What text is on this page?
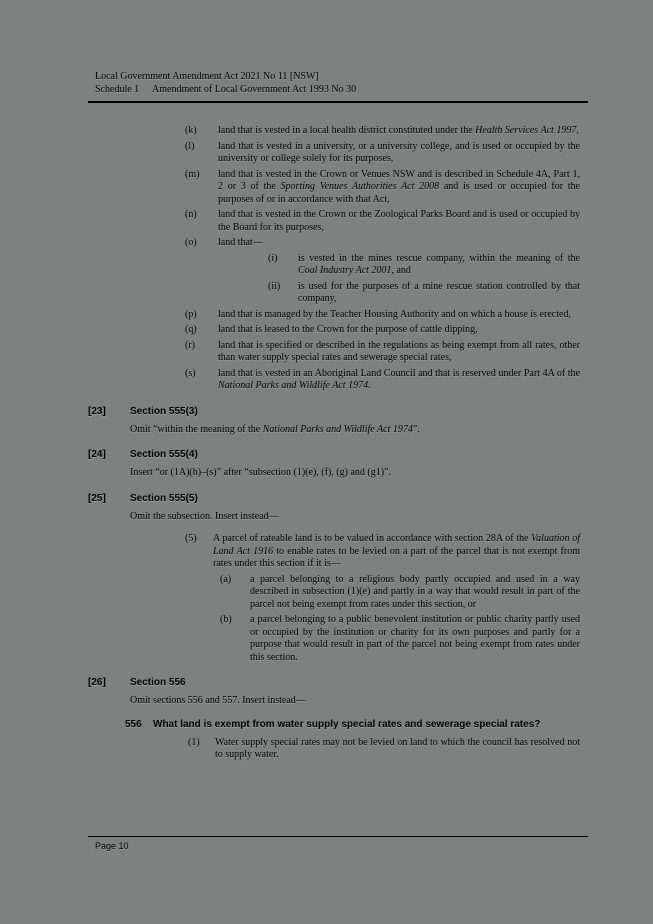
Local Government Amendment Act 2021 No 11 [NSW]
Schedule 1 Amendment of Local Government Act 1993 No 30
(k) land that is vested in a local health district constituted under the Health Services Act 1997,
(l) land that is vested in a university, or a university college, and is used or occupied by the university or college solely for its purposes,
(m) land that is vested in the Crown or Venues NSW and is described in Schedule 4A, Part 1, 2 or 3 of the Sporting Venues Authorities Act 2008 and is used or occupied for the purposes of or in accordance with that Act,
(n) land that is vested in the Crown or the Zoological Parks Board and is used or occupied by the Board for its purposes,
(o) land that—
(i) is vested in the mines rescue company, within the meaning of the Coal Industry Act 2001, and
(ii) is used for the purposes of a mine rescue station controlled by that company,
(p) land that is managed by the Teacher Housing Authority and on which a house is erected,
(q) land that is leased to the Crown for the purpose of cattle dipping,
(r) land that is specified or described in the regulations as being exempt from all rates, other than water supply special rates and sewerage special rates,
(s) land that is vested in an Aboriginal Land Council and that is reserved under Part 4A of the National Parks and Wildlife Act 1974.
[23] Section 555(3)
Omit “within the meaning of the National Parks and Wildlife Act 1974”.
[24] Section 555(4)
Insert “or (1A)(h)–(s)” after “subsection (1)(e), (f), (g) and (g1)”.
[25] Section 555(5)
Omit the subsection. Insert instead—
(5) A parcel of rateable land is to be valued in accordance with section 28A of the Valuation of Land Act 1916 to enable rates to be levied on a part of the parcel that is not exempt from rates under this section if it is—
(a) a parcel belonging to a religious body partly occupied and used in a way described in subsection (1)(e) and partly in a way that would result in part of the parcel not being exempt from rates under this section, or
(b) a parcel belonging to a public benevolent institution or public charity partly used or occupied by the institution or charity for its own purposes and partly for a purpose that would result in part of the parcel not being exempt from rates under this section.
[26] Section 556
Omit sections 556 and 557. Insert instead—
556 What land is exempt from water supply special rates and sewerage special rates?
(1) Water supply special rates may not be levied on land to which the council has resolved not to supply water.
Page 10
